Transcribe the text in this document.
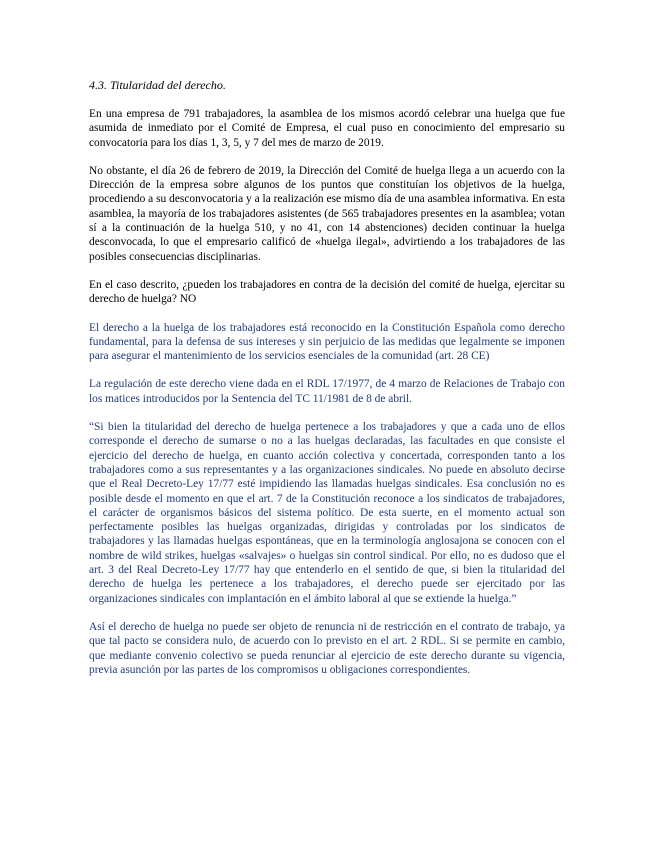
4.3. Titularidad del derecho.

En una empresa de 791 trabajadores, la asamblea de los mismos acordó celebrar una huelga que fue asumida de inmediato por el Comité de Empresa, el cual puso en conocimiento del empresario su convocatoria para los días 1, 3, 5, y 7 del mes de marzo de 2019.

No obstante, el día 26 de febrero de 2019, la Dirección del Comité de huelga llega a un acuerdo con la Dirección de la empresa sobre algunos de los puntos que constituían los objetivos de la huelga, procediendo a su desconvocatoria y a la realización ese mismo día de una asamblea informativa. En esta asamblea, la mayoría de los trabajadores asistentes (de 565 trabajadores presentes en la asamblea; votan sí a la continuación de la huelga 510, y no 41, con 14 abstenciones) deciden continuar la huelga desconvocada, lo que el empresario calificó de «huelga ilegal», advirtiendo a los trabajadores de las posibles consecuencias disciplinarias.

En el caso descrito, ¿pueden los trabajadores en contra de la decisión del comité de huelga, ejercitar su derecho de huelga? NO

El derecho a la huelga de los trabajadores está reconocido en la Constitución Española como derecho fundamental, para la defensa de sus intereses y sin perjuicio de las medidas que legalmente se imponen para asegurar el mantenimiento de los servicios esenciales de la comunidad (art. 28 CE)

La regulación de este derecho viene dada en el RDL 17/1977, de 4 marzo de Relaciones de Trabajo con los matices introducidos por la Sentencia del TC 11/1981 de 8 de abril.

“Si bien la titularidad del derecho de huelga pertenece a los trabajadores y que a cada uno de ellos corresponde el derecho de sumarse o no a las huelgas declaradas, las facultades en que consiste el ejercicio del derecho de huelga, en cuanto acción colectiva y concertada, corresponden tanto a los trabajadores como a sus representantes y a las organizaciones sindicales. No puede en absoluto decirse que el Real Decreto-Ley 17/77 esté impidiendo las llamadas huelgas sindicales. Esa conclusión no es posible desde el momento en que el art. 7 de la Constitución reconoce a los sindicatos de trabajadores, el carácter de organismos básicos del sistema político. De esta suerte, en el momento actual son perfectamente posibles las huelgas organizadas, dirigidas y controladas por los sindicatos de trabajadores y las llamadas huelgas espontáneas, que en la terminología anglosajona se conocen con el nombre de wild strikes, huelgas «salvajes» o huelgas sin control sindical. Por ello, no es dudoso que el art. 3 del Real Decreto-Ley 17/77 hay que entenderlo en el sentido de que, si bien la titularidad del derecho de huelga les pertenece a los trabajadores, el derecho puede ser ejercitado por las organizaciones sindicales con implantación en el ámbito laboral al que se extiende la huelga.”

Así el derecho de huelga no puede ser objeto de renuncia ni de restricción en el contrato de trabajo, ya que tal pacto se considera nulo, de acuerdo con lo previsto en el art. 2 RDL. Si se permite en cambio, que mediante convenio colectivo se pueda renunciar al ejercicio de este derecho durante su vigencia, previa asunción por las partes de los compromisos u obligaciones correspondientes.
